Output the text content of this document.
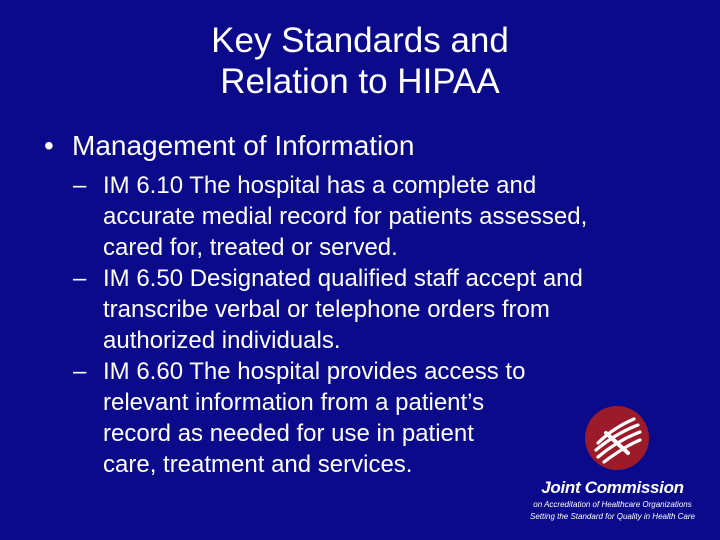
Key Standards and
Relation to HIPAA
• Management of Information
– IM 6.10 The hospital has a complete and
accurate medial record for patients assessed,
cared for, treated or served.
– IM 6.50 Designated qualified staff accept and
transcribe verbal or telephone orders from
authorized individuals.
– IM 6.60 The hospital provides access to
relevant information from a patient’s
record as needed for use in patient
care, treatment and services.
Joint Commission
on Accreditation of Healthcare Organizations
Setting the Standard for Quality in Health Care
